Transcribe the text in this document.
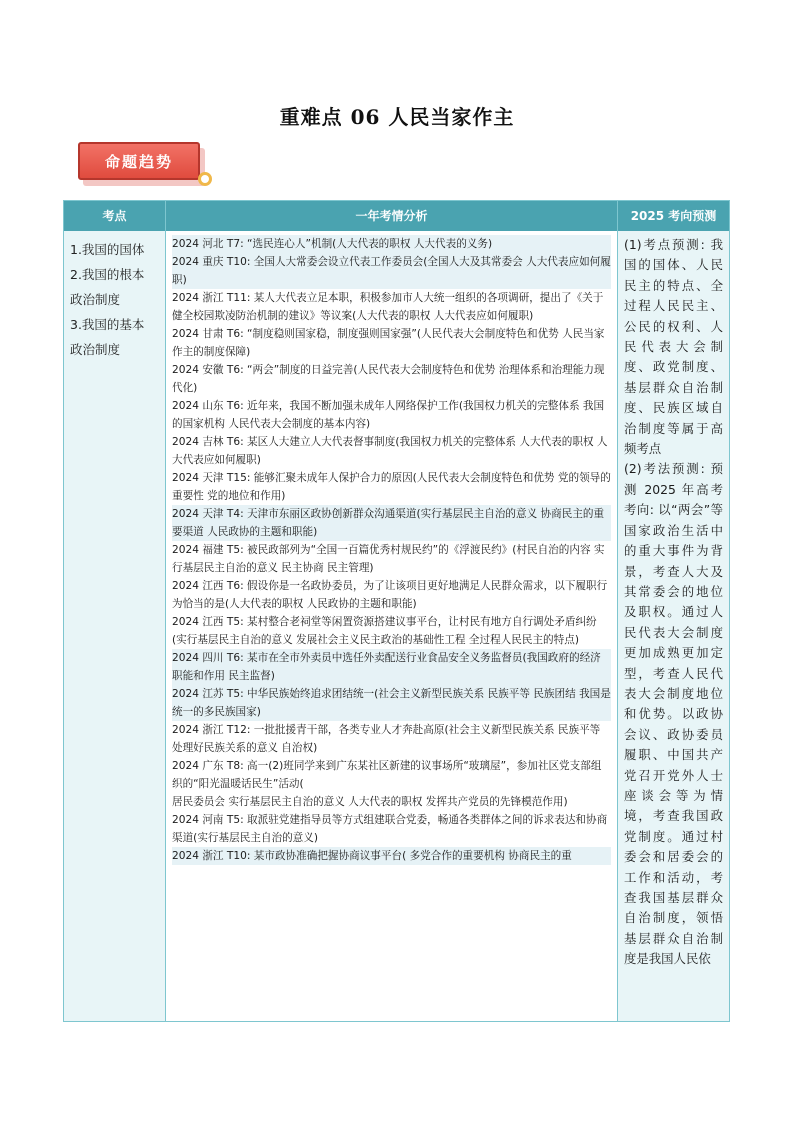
重难点 06 人民当家作主
命题趋势
考点	一年考情分析	2025 考向预测

1.我国的国体

2.我国的根本

政治制度

3.我国的基本

政治制度

2024 河北 T7: “选民连心人”机制(人大代表的职权 人大代表的义务)

2024 重庆 T10: 全国人大常委会设立代表工作委员会(全国人大及其常委会 人大代表应如何履职)

2024 浙江 T11: 某人大代表立足本职，积极参加市人大统一组织的各项调研，提出了《关于健全校园欺凌防治机制的建议》等议案(人大代表的职权 人大代表应如何履职)

2024 甘肃 T6: “制度稳则国家稳，制度强则国家强”(人民代表大会制度特色和优势 人民当家作主的制度保障)

2024 安徽 T6: “两会”制度的日益完善(人民代表大会制度特色和优势 治理体系和治理能力现代化)

2024 山东 T6: 近年来，我国不断加强未成年人网络保护工作(我国权力机关的完整体系 我国的国家机构 人民代表大会制度的基本内容)

2024 吉林 T6: 某区人大建立人大代表督事制度(我国权力机关的完整体系 人大代表的职权 人大代表应如何履职)

2024 天津 T15: 能够汇聚未成年人保护合力的原因(人民代表大会制度特色和优势 党的领导的重要性 党的地位和作用)

2024 天津 T4: 天津市东丽区政协创新群众沟通渠道(实行基层民主自治的意义 协商民主的重要渠道 人民政协的主题和职能)

2024 福建 T5: 被民政部列为“全国一百篇优秀村规民约”的《浮渡民约》(村民自治的内容 实行基层民主自治的意义 民主协商 民主管理)

2024 江西 T6: 假设你是一名政协委员，为了让该项目更好地满足人民群众需求，以下履职行为恰当的是(人大代表的职权 人民政协的主题和职能)

2024 江西 T5: 某村整合老祠堂等闲置资源搭建议事平台，让村民有地方自行调处矛盾纠纷(实行基层民主自治的意义 发展社会主义民主政治的基础性工程 全过程人民民主的特点)

2024 四川 T6: 某市在全市外卖员中选任外卖配送行业食品安全义务监督员(我国政府的经济职能和作用 民主监督)

2024 江苏 T5: 中华民族始终追求团结统一(社会主义新型民族关系 民族平等 民族团结 我国是统一的多民族国家)

2024 浙江 T12: 一批批援青干部，各类专业人才奔赴高原(社会主义新型民族关系 民族平等 处理好民族关系的意义 自治权)

2024 广东 T8: 高一(2)班同学来到广东某社区新建的议事场所“玻璃屋”，参加社区党支部组织的“阳光温暖话民生”活动(

居民委员会 实行基层民主自治的意义 人大代表的职权 发挥共产党员的先锋模范作用)

2024 河南 T5: 取派驻党建指导员等方式组建联合党委，畅通各类群体之间的诉求表达和协商渠道(实行基层民主自治的意义)

2024 浙江 T10: 某市政协准确把握协商议事平台( 多党合作的重要机构 协商民主的重

(1)考点预测: 我国的国体、人民民主的特点、全过程人民民主、公民的权利、人民代表大会制度、政党制度、基层群众自治制度、民族区域自治制度等属于高频考点
(2)考法预测: 预测 2025 年高考考向: 以“两会”等国家政治生活中的重大事件为背景，考查人大及其常委会的地位及职权。通过人民代表大会制度更加成熟更加定型，考查人民代表大会制度地位和优势。以政协会议、政协委员履职、中国共产党召开党外人士座谈会等为情境，考查我国政党制度。通过村委会和居委会的工作和活动，考查我国基层群众自治制度，领悟基层群众自治制度是我国人民依
